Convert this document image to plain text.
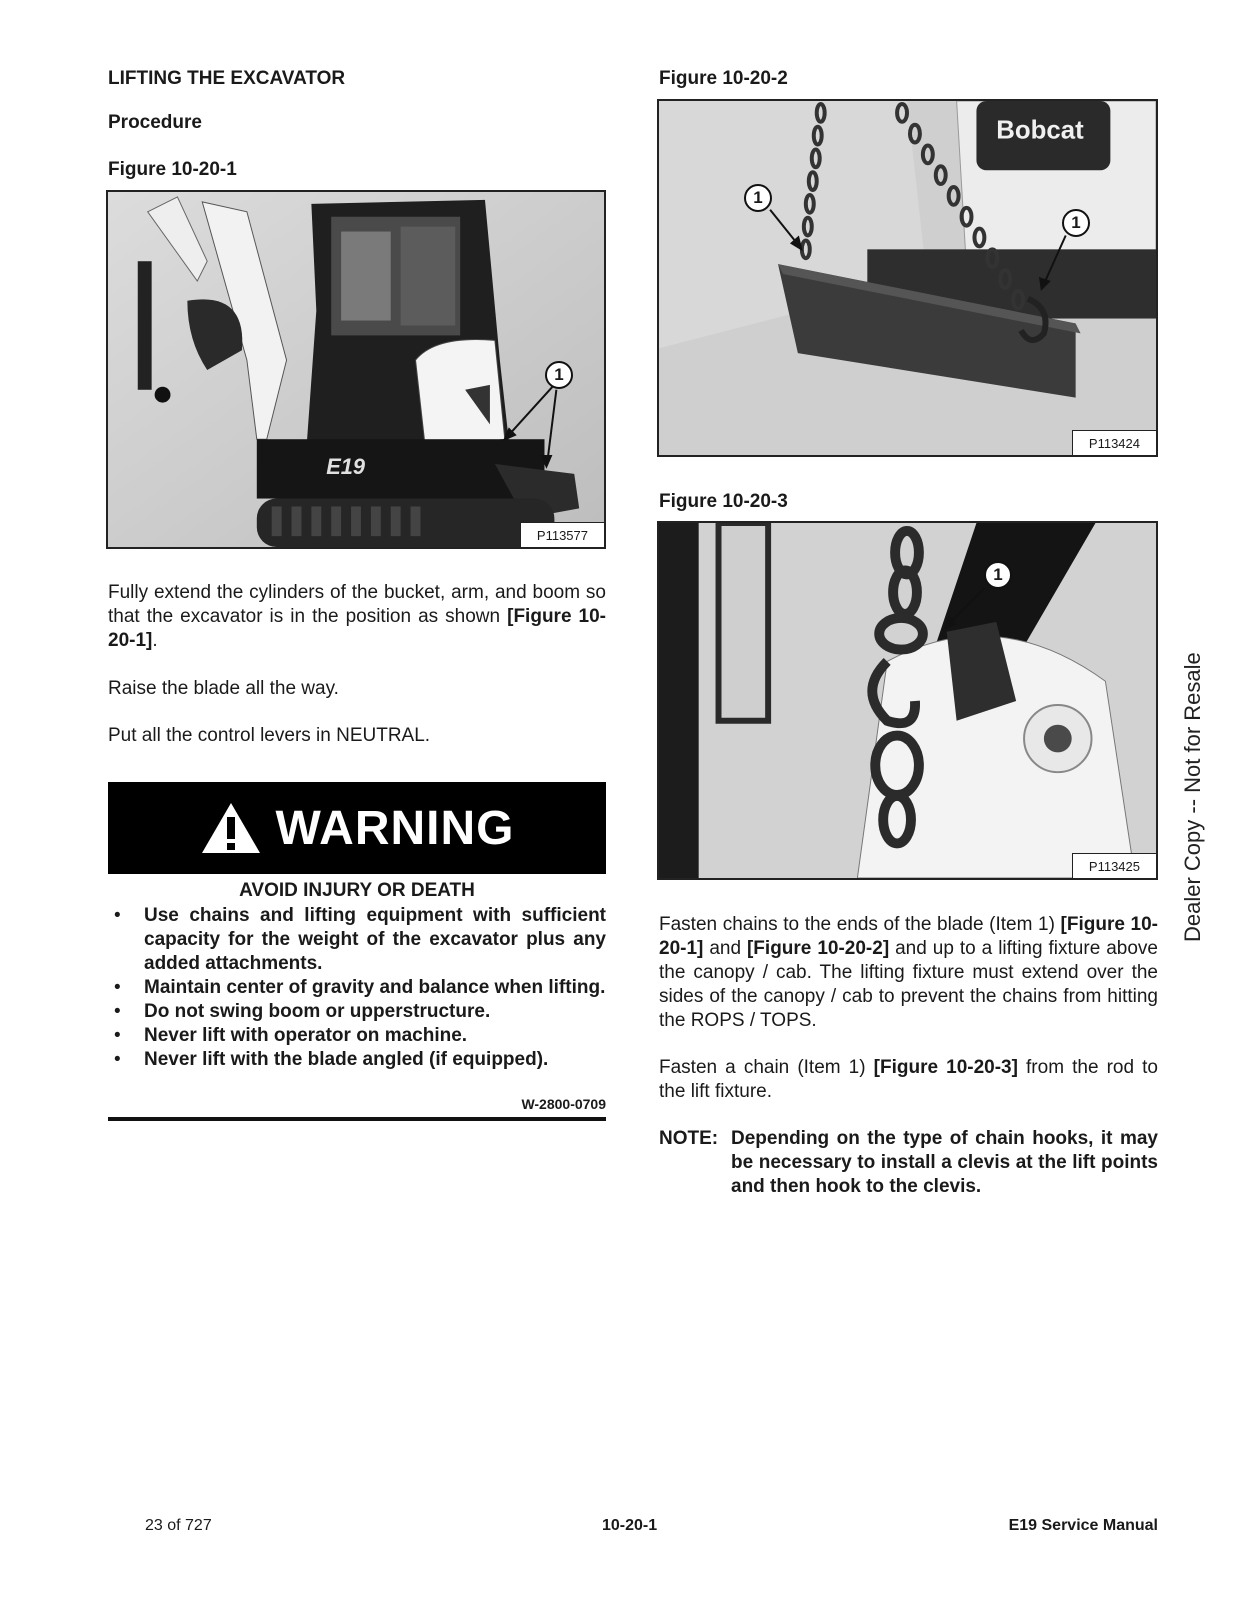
LIFTING THE EXCAVATOR
Procedure
Figure 10-20-1
E19
1
P113577
Fully extend the cylinders of the bucket, arm, and boom so that the excavator is in the position as shown [Figure 10-20-1].
Raise the blade all the way.
Put all the control levers in NEUTRAL.
WARNING
AVOID INJURY OR DEATH
• Use chains and lifting equipment with sufficient capacity for the weight of the excavator plus any added attachments.
• Maintain center of gravity and balance when lifting.
• Do not swing boom or upperstructure.
• Never lift with operator on machine.
• Never lift with the blade angled (if equipped).
W-2800-0709
Figure 10-20-2
Bobcat
1
1
P113424
Figure 10-20-3
1
P113425
Fasten chains to the ends of the blade (Item 1) [Figure 10-20-1] and [Figure 10-20-2] and up to a lifting fixture above the canopy / cab. The lifting fixture must extend over the sides of the canopy / cab to prevent the chains from hitting the ROPS / TOPS.
Fasten a chain (Item 1) [Figure 10-20-3] from the rod to the lift fixture.
NOTE: Depending on the type of chain hooks, it may be necessary to install a clevis at the lift points and then hook to the clevis.
Dealer Copy -- Not for Resale
23 of 727	10-20-1	E19 Service Manual
